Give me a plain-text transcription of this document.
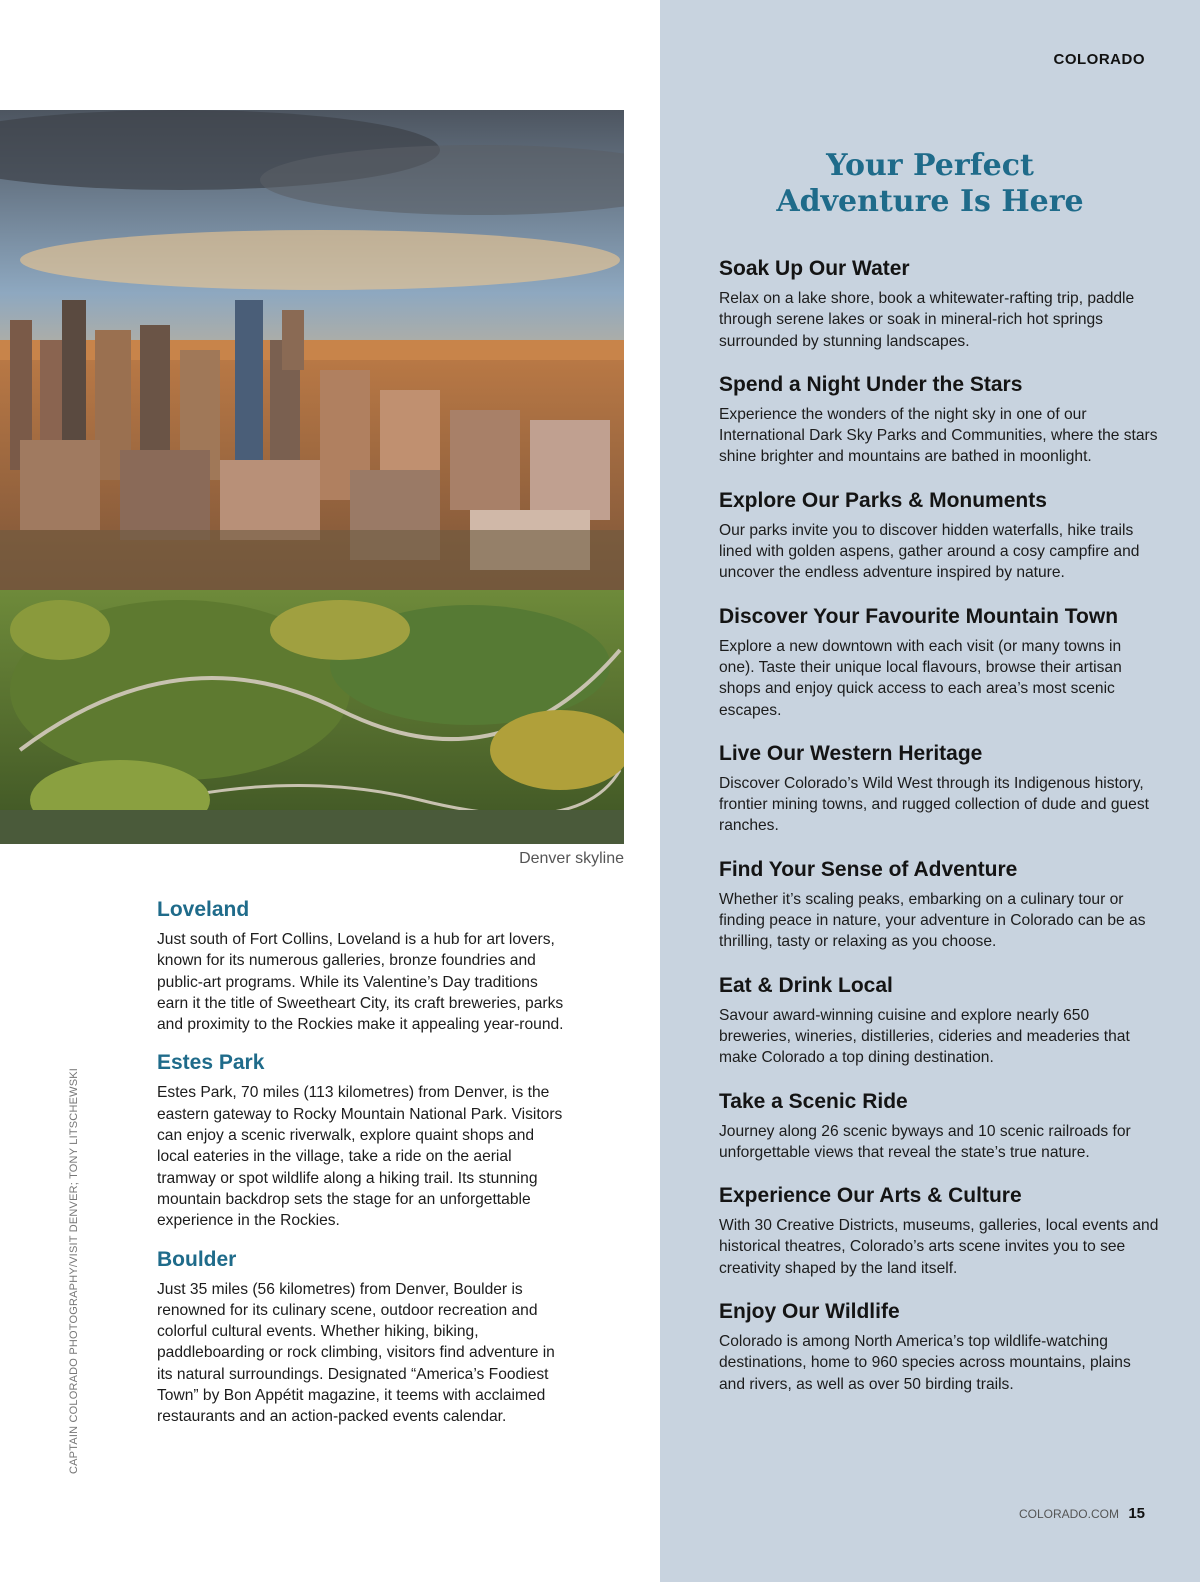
COLORADO
Your Perfect
Adventure Is Here
Soak Up Our Water

Relax on a lake shore, book a whitewater-rafting trip, paddle through serene lakes or soak in mineral-rich hot springs surrounded by stunning landscapes.

Spend a Night Under the Stars

Experience the wonders of the night sky in one of our International Dark Sky Parks and Communities, where the stars shine brighter and mountains are bathed in moonlight.

Explore Our Parks & Monuments

Our parks invite you to discover hidden waterfalls, hike trails lined with golden aspens, gather around a cosy campfire and uncover the endless adventure inspired by nature.

Discover Your Favourite Mountain Town

Explore a new downtown with each visit (or many towns in one). Taste their unique local flavours, browse their artisan shops and enjoy quick access to each area’s most scenic escapes.

Live Our Western Heritage

Discover Colorado’s Wild West through its Indigenous history, frontier mining towns, and rugged collection of dude and guest ranches.

Find Your Sense of Adventure

Whether it’s scaling peaks, embarking on a culinary tour or finding peace in nature, your adventure in Colorado can be as thrilling, tasty or relaxing as you choose.

Eat & Drink Local

Savour award-winning cuisine and explore nearly 650 breweries, wineries, distilleries, cideries and meaderies that make Colorado a top dining destination.

Take a Scenic Ride

Journey along 26 scenic byways and 10 scenic railroads for unforgettable views that reveal the state’s true nature.

Experience Our Arts & Culture

With 30 Creative Districts, museums, galleries, local events and historical theatres, Colorado’s arts scene invites you to see creativity shaped by the land itself.

Enjoy Our Wildlife

Colorado is among North America’s top wildlife-watching destinations, home to 960 species across mountains, plains and rivers, as well as over 50 birding trails.

Denver skyline
CAPTAIN COLORADO PHOTOGRAPHY/VISIT DENVER; TONY LITSCHEWSKI
Loveland

Just south of Fort Collins, Loveland is a hub for art lovers, known for its numerous galleries, bronze foundries and public-art programs. While its Valentine’s Day traditions earn it the title of Sweetheart City, its craft breweries, parks and proximity to the Rockies make it appealing year-round.

Estes Park

Estes Park, 70 miles (113 kilometres) from Denver, is the eastern gateway to Rocky Mountain National Park. Visitors can enjoy a scenic riverwalk, explore quaint shops and local eateries in the village, take a ride on the aerial tramway or spot wildlife along a hiking trail. Its stunning mountain backdrop sets the stage for an unforgettable experience in the Rockies.

Boulder

Just 35 miles (56 kilometres) from Denver, Boulder is renowned for its culinary scene, outdoor recreation and colorful cultural events. Whether hiking, biking, paddleboarding or rock climbing, visitors find adventure in its natural surroundings. Designated “America’s Foodiest Town” by Bon Appétit magazine, it teems with acclaimed restaurants and an action-packed events calendar.

COLORADO.COM 15
